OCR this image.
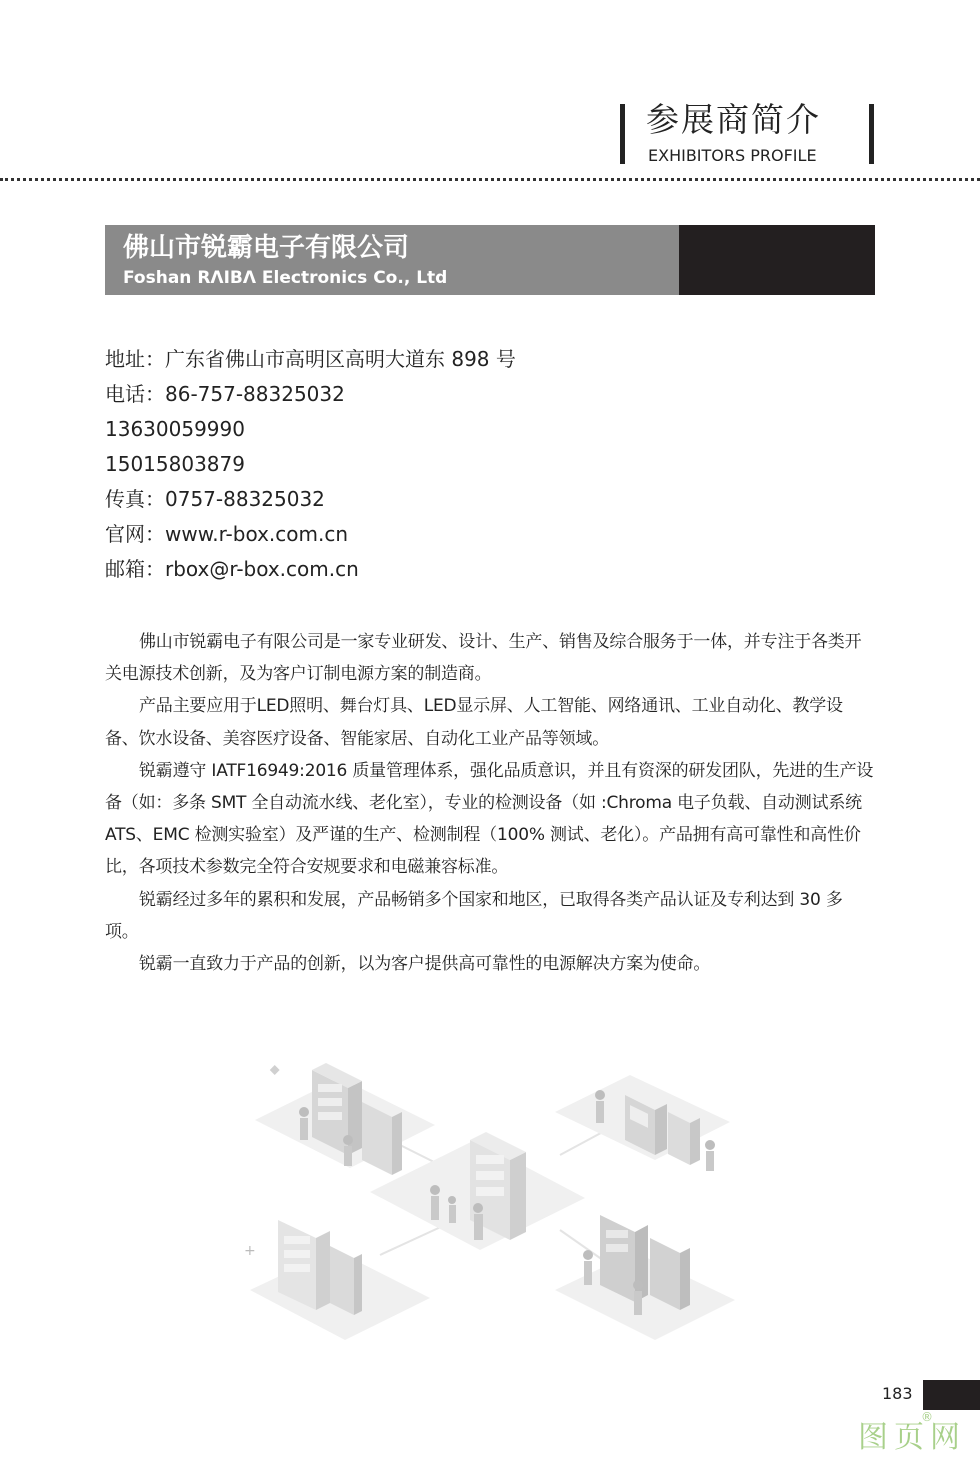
参展商简介
EXHIBITORS PROFILE
佛山市锐霸电子有限公司
Foshan RΛIBΛ Electronics Co., Ltd
地址：广东省佛山市高明区高明大道东 898 号
电话：86-757-88325032
13630059990
15015803879
传真：0757-88325032
官网：www.r-box.com.cn
邮箱：rbox@r-box.com.cn

佛山市锐霸电子有限公司是一家专业研发、设计、生产、销售及综合服务于一体，并专注于各类开关电源技术创新，及为客户订制电源方案的制造商。

产品主要应用于LED照明、舞台灯具、LED显示屏、人工智能、网络通讯、工业自动化、教学设备、饮水设备、美容医疗设备、智能家居、自动化工业产品等领域。

锐霸遵守 IATF16949:2016 质量管理体系，强化品质意识，并且有资深的研发团队，先进的生产设备（如：多条 SMT 全自动流水线、老化室），专业的检测设备（如 :Chroma 电子负载、自动测试系统 ATS、EMC 检测实验室）及严谨的生产、检测制程（100% 测试、老化）。产品拥有高可靠性和高性价比，各项技术参数完全符合安规要求和电磁兼容标准。

锐霸经过多年的累积和发展，产品畅销多个国家和地区，已取得各类产品认证及专利达到 30 多项。

锐霸一直致力于产品的创新，以为客户提供高可靠性的电源解决方案为使命。

+
183
图页网
®
